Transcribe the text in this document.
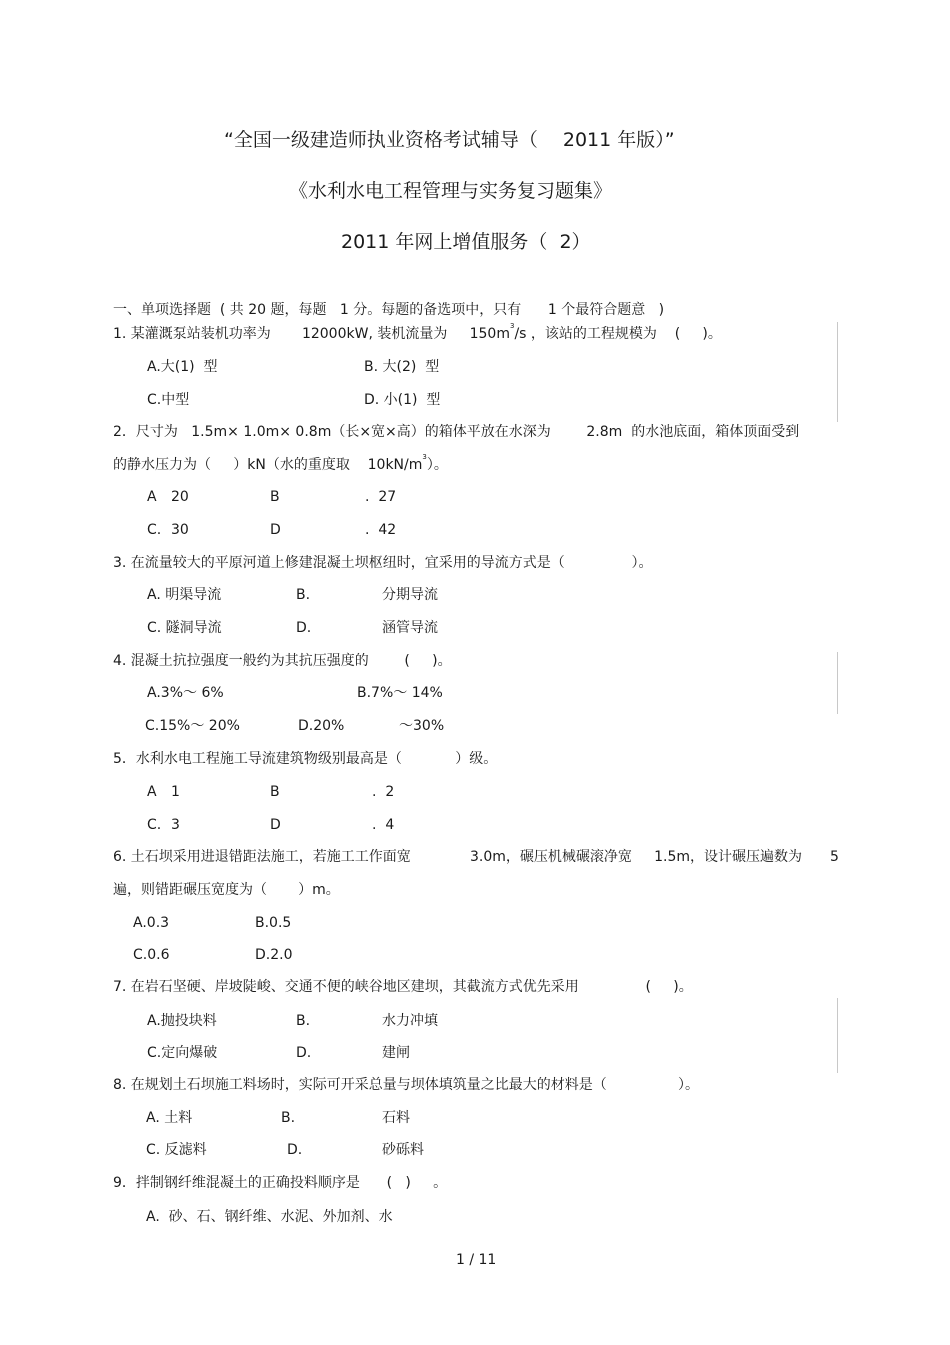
“全国一级建造师执业资格考试辅导（　 2011 年版）”
《水利水电工程管理与实务复习题集》
2011 年网上增值服务（  2）
一、单项选择题  ( 共 20 题，每题   1 分。每题的备选项中，只有      1 个最符合题意   )
1. 某灌溉泵站装机功率为       12000kW, 装机流量为     $150m^3/s$ ，该站的工程规模为    (     )。
A.大(1)  型	B. 大(2)  型
C.中型	D. 小(1)  型
2．尺寸为   1.5m× 1.0m× 0.8m（长×宽×高）的箱体平放在水深为        2.8m  的水池底面，箱体顶面受到
的静水压力为（     ）kN（水的重度取    $10kN/m^3$）。
A 20	B	.  27
C. 30	D	.  42
3. 在流量较大的平原河道上修建混凝土坝枢纽时，宜采用的导流方式是（               ）。
A. 明渠导流	B.	分期导流
C. 隧洞导流	D.	涵管导流
4. 混凝土抗拉强度一般约为其抗压强度的        (     )。
A.3%～ 6%	B.7%～ 14%
C.15%～ 20%	D.20%	～30%
5．水利水电工程施工导流建筑物级别最高是（            ）级。
A 1	B	.  2
C. 3	D	.  4
6. 土石坝采用进退错距法施工，若施工工作面宽	3.0m，碾压机械碾滚净宽     1.5m，设计碾压遍数为 5
遍，则错距碾压宽度为（       ）m。
A.0.3	B.0.5
C.0.6	D.2.0
7. 在岩石坚硬、岸坡陡峻、交通不便的峡谷地区建坝，其截流方式优先采用               (     )。
A.抛投块料	B.	水力冲填
C.定向爆破	D.	建闸
8. 在规划土石坝施工料场时，实际可开采总量与坝体填筑量之比最大的材料是（                ）。
A. 土料	B.	石料
C. 反滤料	D.	砂砾料
9．拌制钢纤维混凝土的正确投料顺序是      (   )     。
A.  砂、石、钢纤维、水泥、外加剂、水
1 / 11
